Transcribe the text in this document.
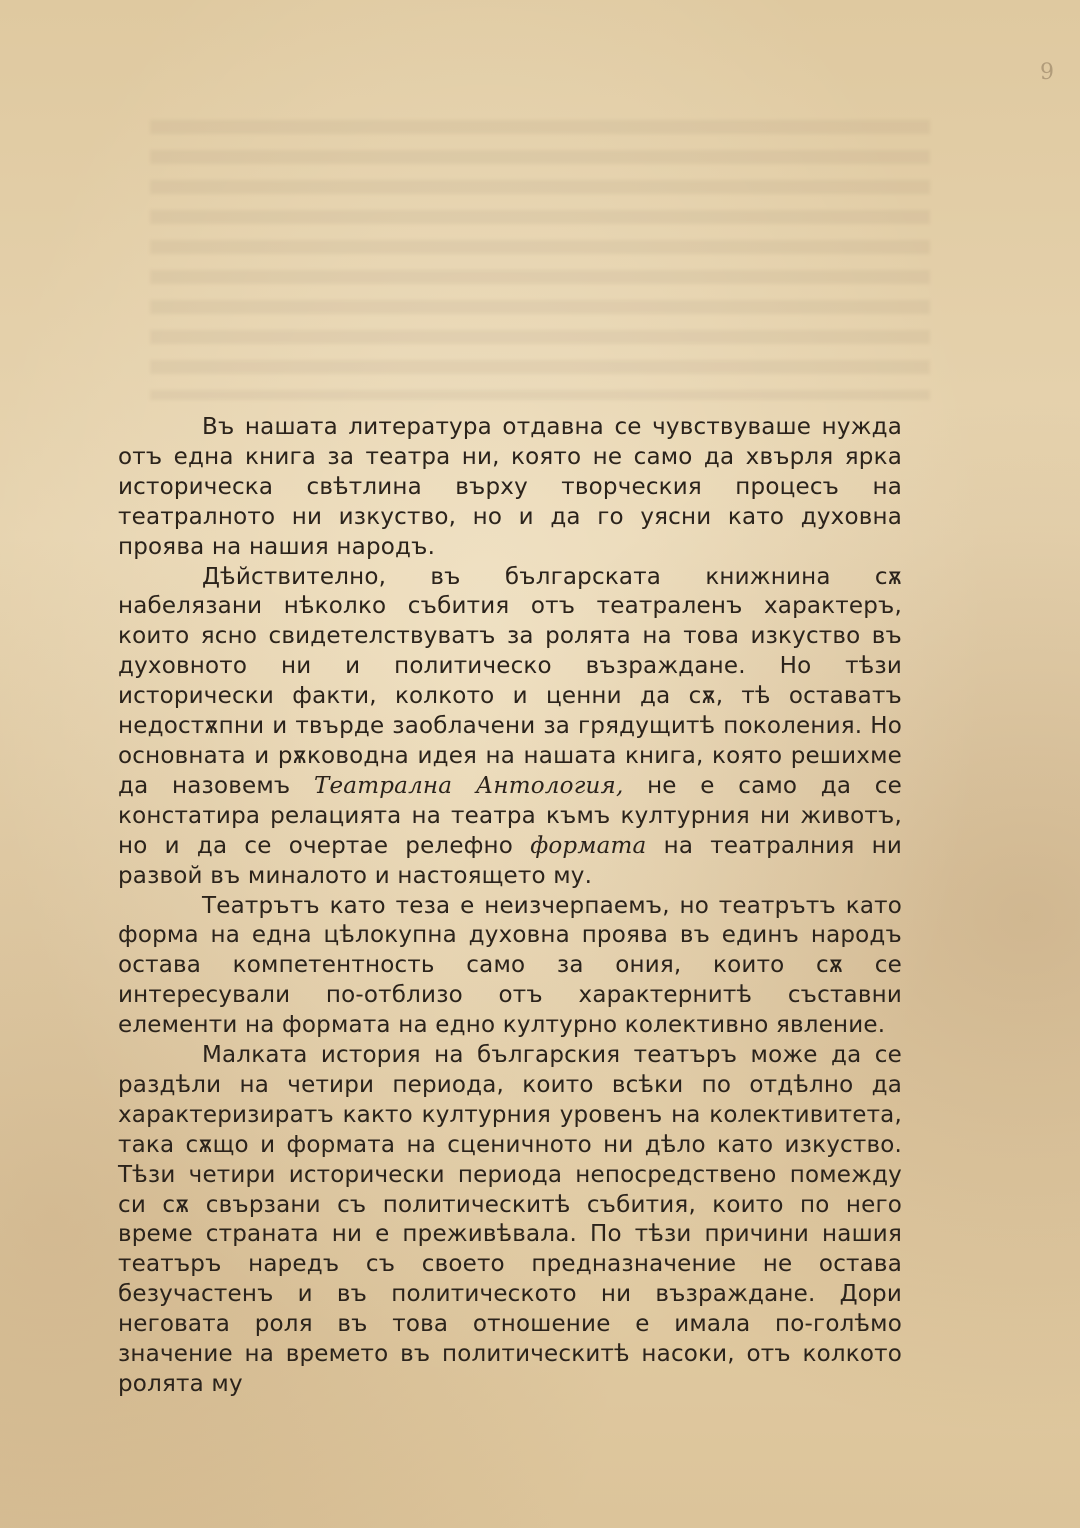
9

Въ нашата литература отдавна се чувствуваше нужда отъ една книга за театра ни, която не само да хвърля ярка историческа свѣтлина върху творческия процесъ на театралното ни изкуство, но и да го уясни като духовна проява на нашия народъ.

Дѣйствително, въ българската книжнина сѫ набелязани нѣколко събития отъ театраленъ характеръ, които ясно свидетелствуватъ за ролята на това изкуство въ духовното ни и политическо възраждане. Но тѣзи исторически факти, колкото и ценни да сѫ, тѣ оставатъ недостѫпни и твърде заоблачени за грядущитѣ поколения. Но основната и рѫководна идея на нашата книга, която решихме да назовемъ Театрална Антология, не е само да се констатира релацията на театра къмъ културния ни животъ, но и да се очертае релефно формата на театралния ни развой въ миналото и настоящето му.

Театрътъ като теза е неизчерпаемъ, но театрътъ като форма на една цѣлокупна духовна проява въ единъ народъ остава компетентность само за ония, които сѫ се интересували по-отблизо отъ характернитѣ съставни елементи на формата на едно културно колективно явление.

Малката история на българския театъръ може да се раздѣли на четири периода, които всѣки по отдѣлно да характеризиратъ както културния уровенъ на колективитета, така сѫщо и формата на сценичното ни дѣло като изкуство. Тѣзи четири исторически периода непосредствено помежду си сѫ свързани съ политическитѣ събития, които по него време страната ни е преживѣвала. По тѣзи причини нашия театъръ наредъ съ своето предназначение не остава безучастенъ и въ политическото ни възраждане. Дори неговата роля въ това отношение е имала по-голѣмо значение на времето въ политическитѣ насоки, отъ колкото ролята му
